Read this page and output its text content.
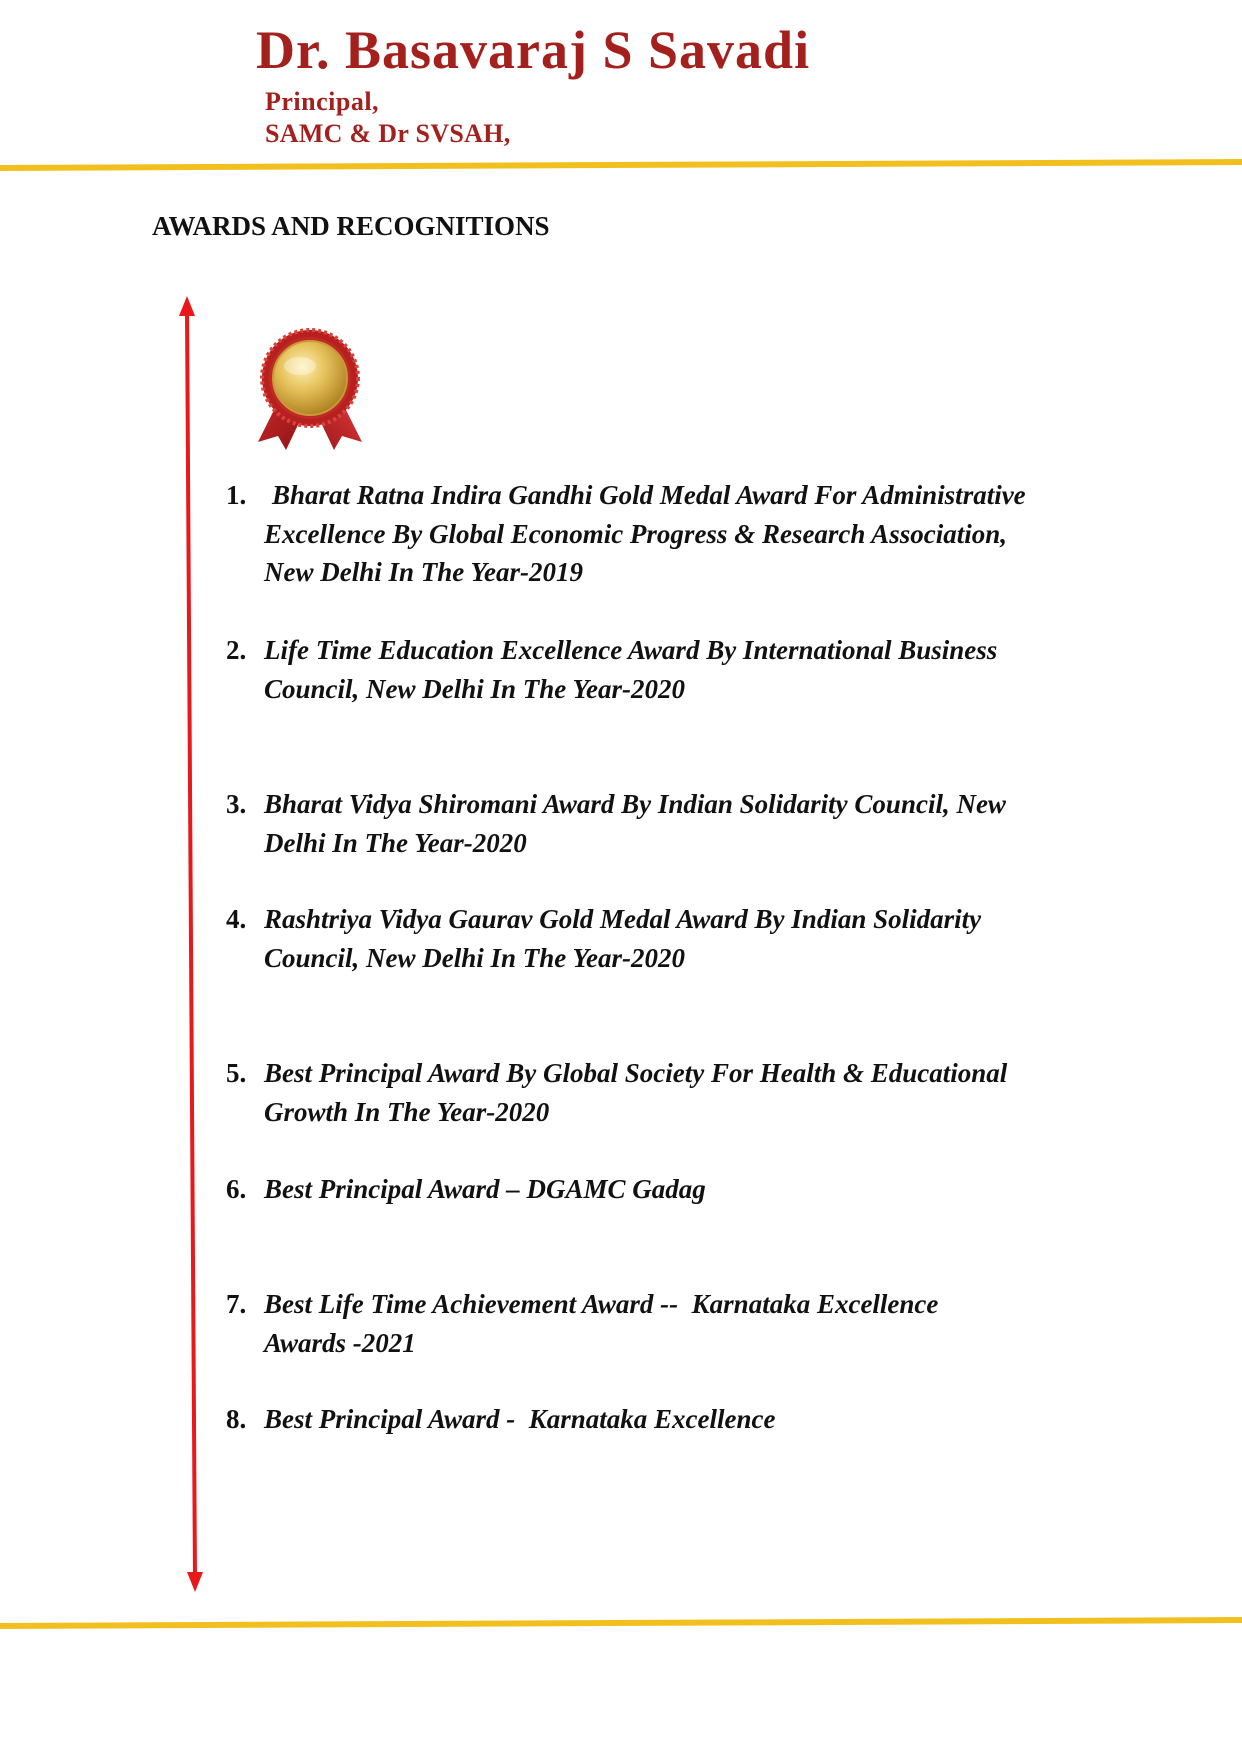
Dr. Basavaraj S Savadi
Principal,
SAMC & Dr SVSAH,
AWARDS AND RECOGNITIONS
1. Bharat Ratna Indira Gandhi Gold Medal Award For Administrative
Excellence By Global Economic Progress & Research Association,
New Delhi In The Year-2019
2. Life Time Education Excellence Award By International Business
Council, New Delhi In The Year-2020
3. Bharat Vidya Shiromani Award By Indian Solidarity Council, New
Delhi In The Year-2020
4. Rashtriya Vidya Gaurav Gold Medal Award By Indian Solidarity
Council, New Delhi In The Year-2020
5. Best Principal Award By Global Society For Health & Educational
Growth In The Year-2020
6. Best Principal Award – DGAMC Gadag
7. Best Life Time Achievement Award --  Karnataka Excellence
Awards -2021
8. Best Principal Award -  Karnataka Excellence
